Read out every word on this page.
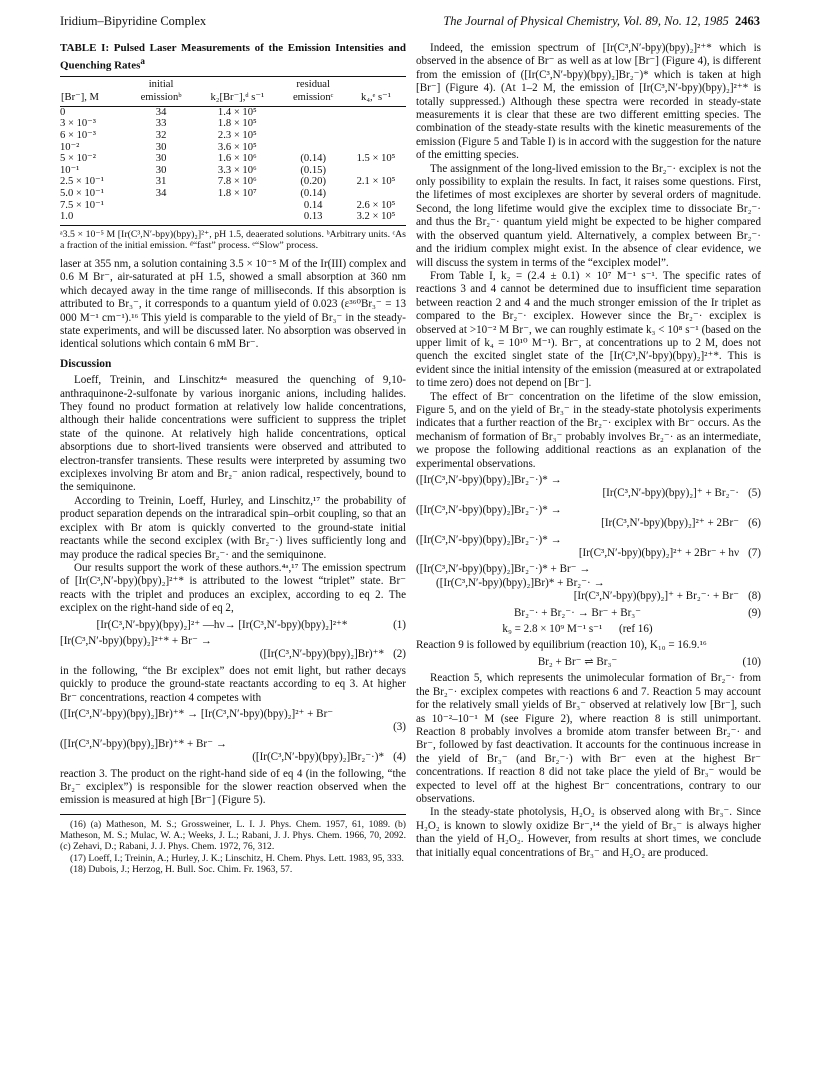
Iridium–Bipyridine Complex	The Journal of Physical Chemistry, Vol. 89, No. 12, 1985 2463
TABLE I: Pulsed Laser Measurements of the Emission Intensities and Quenching Rates$^a$
	initial		residual	
[Br⁻], M	emissionᵇ	k₂[Br⁻],ᵈ s⁻¹	emissionᶜ	k₄,ᵉ s⁻¹
0	34	1.4 × 10⁵		
3 × 10⁻³	33	1.8 × 10⁵		
6 × 10⁻³	32	2.3 × 10⁵		
10⁻²	30	3.6 × 10⁵		
5 × 10⁻²	30	1.6 × 10⁶	(0.14)	1.5 × 10⁵
10⁻¹	30	3.3 × 10⁶	(0.15)	
2.5 × 10⁻¹	31	7.8 × 10⁶	(0.20)	2.1 × 10⁵
5.0 × 10⁻¹	34	1.8 × 10⁷	(0.14)	
7.5 × 10⁻¹			0.14	2.6 × 10⁵
1.0			0.13	3.2 × 10⁵
ᵃ3.5 × 10⁻⁵ M [Ir(C³,N′-bpy)(bpy)₂]²⁺, pH 1.5, deaerated solutions. ᵇArbitrary units. ᶜAs a fraction of the initial emission. ᵈ“fast” process. ᵉ“Slow” process.

laser at 355 nm, a solution containing 3.5 × 10⁻⁵ M of the Ir(III) complex and 0.6 M Br⁻, air-saturated at pH 1.5, showed a small absorption at 360 nm which decayed away in the time range of milliseconds. If this absorption is attributed to Br₃⁻, it corresponds to a quantum yield of 0.023 (ε³⁶⁰Br₃⁻ = 13 000 M⁻¹ cm⁻¹).¹⁶ This yield is comparable to the yield of Br₃⁻ in the steady-state experiments, and will be discussed later. No absorption was observed in identical solutions which contain 6 mM Br⁻.

Discussion

Loeff, Treinin, and Linschitz⁴ᵃ measured the quenching of 9,10-anthraquinone-2-sulfonate by various inorganic anions, including halides. They found no product formation at relatively low halide concentrations, although their halide concentrations were sufficient to suppress the triplet state of the quinone. At relatively high halide concentrations, optical absorptions due to short-lived transients were observed and attributed to electron-transfer transients. These results were interpreted by assuming two exciplexes involving Br atom and Br₂⁻ anion radical, respectively, bound to the semiquinone.

According to Treinin, Loeff, Hurley, and Linschitz,¹⁷ the probability of product separation depends on the intraradical spin–orbit coupling, so that an exciplex with Br atom is quickly converted to the ground-state initial reactants while the second exciplex (with Br₂⁻·) lives sufficiently long and may produce the radical species Br₂⁻· and the semiquinone.

Our results support the work of these authors.⁴ᵃ,¹⁷ The emission spectrum of [Ir(C³,N′-bpy)(bpy)₂]²⁺* is attributed to the lowest “triplet” state. Br⁻ reacts with the triplet and produces an exciplex, according to eq 2. The exciplex on the right-hand side of eq 2,

[Ir(C³,N′-bpy)(bpy)₂]²⁺ —hν→ [Ir(C³,N′-bpy)(bpy)₂]²⁺*	(1)
[Ir(C³,N′-bpy)(bpy)₂]²⁺* + Br⁻ →
([Ir(C³,N′-bpy)(bpy)₂]Br)⁺* (2)

in the following, “the Br exciplex” does not emit light, but rather decays quickly to produce the ground-state reactants according to eq 3. At higher Br⁻ concentrations, reaction 4 competes with

([Ir(C³,N′-bpy)(bpy)₂]Br)⁺* → [Ir(C³,N′-bpy)(bpy)₂]²⁺ + Br⁻

(3)
([Ir(C³,N′-bpy)(bpy)₂]Br)⁺* + Br⁻ →
([Ir(C³,N′-bpy)(bpy)₂]Br₂⁻·)* (4)

reaction 3. The product on the right-hand side of eq 4 (in the following, “the Br₂⁻ exciplex”) is responsible for the slower reaction observed when the emission is measured at high [Br⁻] (Figure 5).

(16) (a) Matheson, M. S.; Grossweiner, L. I. J. Phys. Chem. 1957, 61, 1089. (b) Matheson, M. S.; Mulac, W. A.; Weeks, J. L.; Rabani, J. J. Phys. Chem. 1966, 70, 2092. (c) Zehavi, D.; Rabani, J. J. Phys. Chem. 1972, 76, 312.
(17) Loeff, I.; Treinin, A.; Hurley, J. K.; Linschitz, H. Chem. Phys. Lett. 1983, 95, 333.
(18) Dubois, J.; Herzog, H. Bull. Soc. Chim. Fr. 1963, 57.

Indeed, the emission spectrum of [Ir(C³,N′-bpy)(bpy)₂]²⁺* which is observed in the absence of Br⁻ as well as at low [Br⁻] (Figure 4), is different from the emission of ([Ir(C³,N′-bpy)(bpy)₂]Br₂⁻)* which is taken at high [Br⁻] (Figure 4). (At 1–2 M, the emission of [Ir(C³,N′-bpy)(bpy)₂]²⁺* is totally suppressed.) Although these spectra were recorded in steady-state measurements it is clear that these are two different emitting species. The combination of the steady-state results with the kinetic measurements of the emission (Figure 5 and Table I) is in accord with the suggestion for the nature of the emitting species.

The assignment of the long-lived emission to the Br₂⁻· exciplex is not the only possibility to explain the results. In fact, it raises some questions. First, the lifetimes of most exciplexes are shorter by several orders of magnitude. Second, the long lifetime would give the exciplex time to dissociate Br₂⁻· and thus the Br₂⁻· quantum yield might be expected to be higher compared with the observed quantum yield. Alternatively, a complex between Br₂⁻· and the iridium complex might exist. In the absence of clear evidence, we will discuss the system in terms of the “exciplex model”.

From Table I, k₂ = (2.4 ± 0.1) × 10⁷ M⁻¹ s⁻¹. The specific rates of reactions 3 and 4 cannot be determined due to insufficient time separation between reaction 2 and 4 and the much stronger emission of the Ir triplet as compared to the Br₂⁻· exciplex. However since the Br₂⁻· exciplex is observed at >10⁻² M Br⁻, we can roughly estimate k₃ < 10⁸ s⁻¹ (based on the upper limit of k₄ = 10¹⁰ M⁻¹). Br⁻, at concentrations up to 2 M, does not quench the excited singlet state of the [Ir(C³,N′-bpy)(bpy)₂]²⁺*. This is evident since the initial intensity of the emission (measured at or extrapolated to time zero) does not depend on [Br⁻].

The effect of Br⁻ concentration on the lifetime of the slow emission, Figure 5, and on the yield of Br₃⁻ in the steady-state photolysis experiments indicates that a further reaction of the Br₂⁻· exciplex with Br⁻ occurs. As the mechanism of formation of Br₃⁻ probably involves Br₂⁻· as an intermediate, we propose the following additional reactions as an explanation of the experimental observations.

([Ir(C³,N′-bpy)(bpy)₂]Br₂⁻·)* →
[Ir(C³,N′-bpy)(bpy)₂]⁺ + Br₂⁻· (5)
([Ir(C³,N′-bpy)(bpy)₂]Br₂⁻·)* →
[Ir(C³,N′-bpy)(bpy)₂]²⁺ + 2Br⁻ (6)
([Ir(C³,N′-bpy)(bpy)₂]Br₂⁻·)* →
[Ir(C³,N′-bpy)(bpy)₂]²⁺ + 2Br⁻ + hν (7)
([Ir(C³,N′-bpy)(bpy)₂]Br₂⁻·)* + Br⁻ →
([Ir(C³,N′-bpy)(bpy)₂]Br)* + Br₂⁻· →
[Ir(C³,N′-bpy)(bpy)₂]⁺ + Br₂⁻· + Br⁻ (8)
Br₂⁻· + Br₂⁻· → Br⁻ + Br₃⁻	(9)
k₉ = 2.8 × 10⁹ M⁻¹ s⁻¹      (ref 16)

Reaction 9 is followed by equilibrium (reaction 10), K₁₀ = 16.9.¹⁶

Br₂ + Br⁻ ⇌ Br₃⁻	(10)

Reaction 5, which represents the unimolecular formation of Br₂⁻· from the Br₂⁻· exciplex competes with reactions 6 and 7. Reaction 5 may account for the relatively small yields of Br₃⁻ observed at relatively low [Br⁻], such as 10⁻²–10⁻¹ M (see Figure 2), where reaction 8 is still unimportant. Reaction 8 probably involves a bromide atom transfer between Br₂⁻· and Br⁻, followed by fast deactivation. It accounts for the continuous increase in the yield of Br₃⁻ (and Br₂⁻·) with Br⁻ even at the highest Br⁻ concentrations. If reaction 8 did not take place the yield of Br₃⁻ would be expected to level off at the highest Br⁻ concentrations, contrary to our observations.

In the steady-state photolysis, H₂O₂ is observed along with Br₃⁻. Since H₂O₂ is known to slowly oxidize Br⁻,¹⁴ the yield of Br₃⁻ is always higher than the yield of H₂O₂. However, from results at short times, we conclude that initially equal concentrations of Br₃⁻ and H₂O₂ are produced.
